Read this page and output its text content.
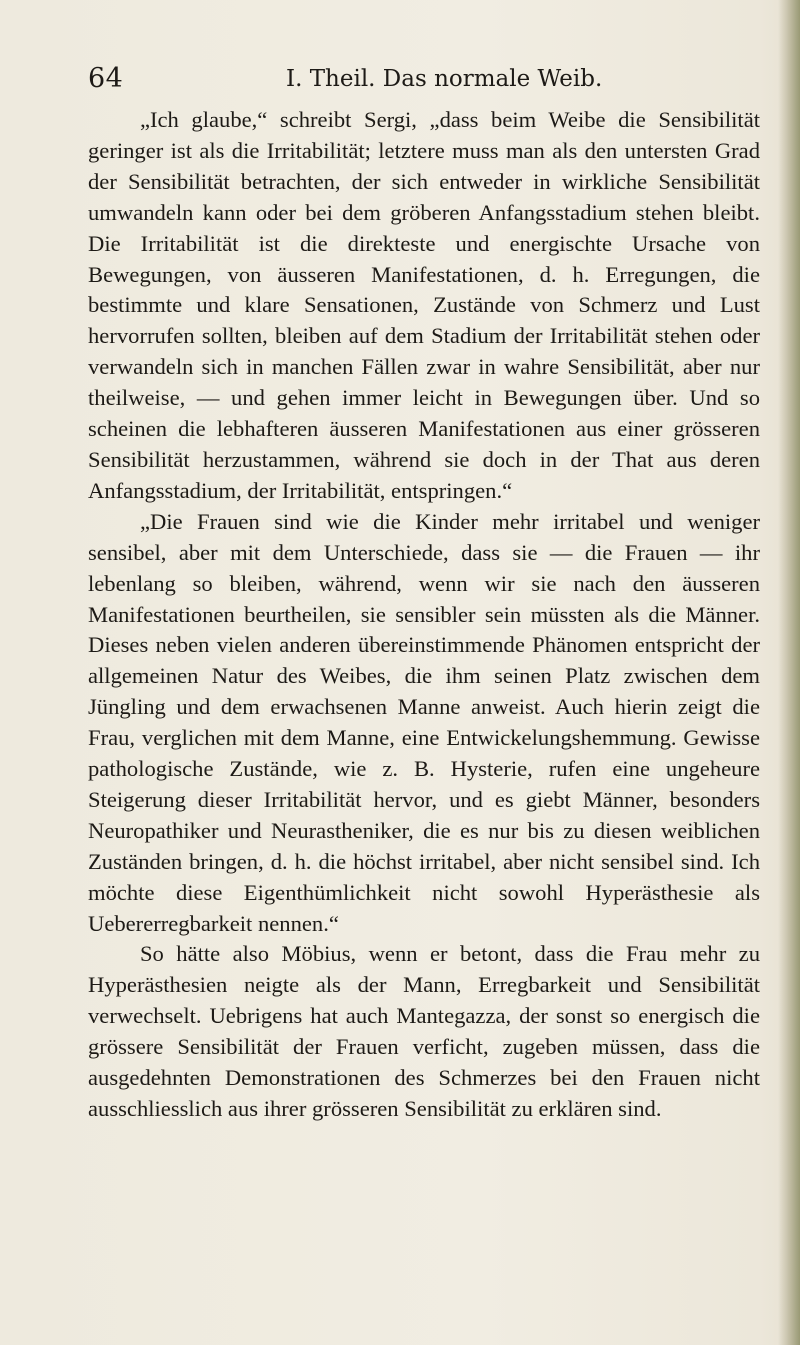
64	I. Theil. Das normale Weib.

„Ich glaube,“ schreibt Sergi, „dass beim Weibe die Sensibilität geringer ist als die Irritabilität; letztere muss man als den untersten Grad der Sensibilität betrachten, der sich entweder in wirkliche Sensibilität umwandeln kann oder bei dem gröberen Anfangsstadium stehen bleibt. Die Irritabilität ist die direkteste und energischte Ursache von Bewegungen, von äusseren Manifestationen, d. h. Erregungen, die bestimmte und klare Sensationen, Zustände von Schmerz und Lust hervorrufen sollten, bleiben auf dem Stadium der Irritabilität stehen oder verwandeln sich in manchen Fällen zwar in wahre Sensibilität, aber nur theilweise, — und gehen immer leicht in Bewegungen über. Und so scheinen die lebhafteren äusseren Manifestationen aus einer grösseren Sensibilität herzustammen, während sie doch in der That aus deren Anfangsstadium, der Irritabilität, entspringen.“

„Die Frauen sind wie die Kinder mehr irritabel und weniger sensibel, aber mit dem Unterschiede, dass sie — die Frauen — ihr lebenlang so bleiben, während, wenn wir sie nach den äusseren Manifestationen beurtheilen, sie sensibler sein müssten als die Männer. Dieses neben vielen anderen übereinstimmende Phänomen entspricht der allgemeinen Natur des Weibes, die ihm seinen Platz zwischen dem Jüngling und dem erwachsenen Manne anweist. Auch hierin zeigt die Frau, verglichen mit dem Manne, eine Entwickelungshemmung. Gewisse pathologische Zustände, wie z. B. Hysterie, rufen eine ungeheure Steigerung dieser Irritabilität hervor, und es giebt Männer, besonders Neuropathiker und Neurastheniker, die es nur bis zu diesen weiblichen Zuständen bringen, d. h. die höchst irritabel, aber nicht sensibel sind. Ich möchte diese Eigenthümlichkeit nicht sowohl Hyperästhesie als Uebererregbarkeit nennen.“

So hätte also Möbius, wenn er betont, dass die Frau mehr zu Hyperästhesien neigte als der Mann, Erregbarkeit und Sensibilität verwechselt. Uebrigens hat auch Mantegazza, der sonst so energisch die grössere Sensibilität der Frauen verficht, zugeben müssen, dass die ausgedehnten Demonstrationen des Schmerzes bei den Frauen nicht ausschliesslich aus ihrer grösseren Sensibilität zu erklären sind.
